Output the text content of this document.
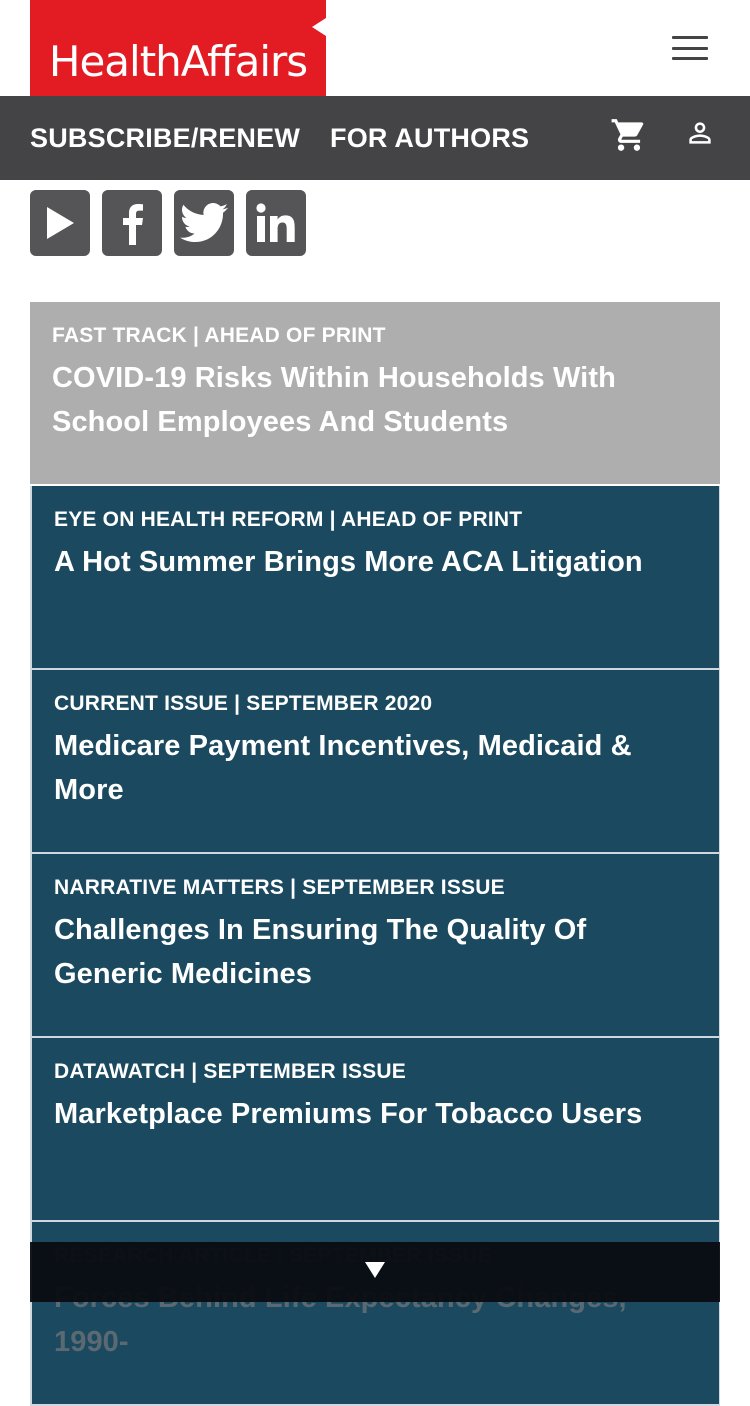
HealthAffairs
SUBSCRIBE/RENEW FOR AUTHORS
FAST TRACK | AHEAD OF PRINT
COVID-19 Risks Within Households With School Employees And Students
EYE ON HEALTH REFORM | AHEAD OF PRINT
A Hot Summer Brings More ACA Litigation
CURRENT ISSUE | SEPTEMBER 2020
Medicare Payment Incentives, Medicaid & More
NARRATIVE MATTERS | SEPTEMBER ISSUE
Challenges In Ensuring The Quality Of Generic Medicines
DATAWATCH | SEPTEMBER ISSUE
Marketplace Premiums For Tobacco Users
1990-
